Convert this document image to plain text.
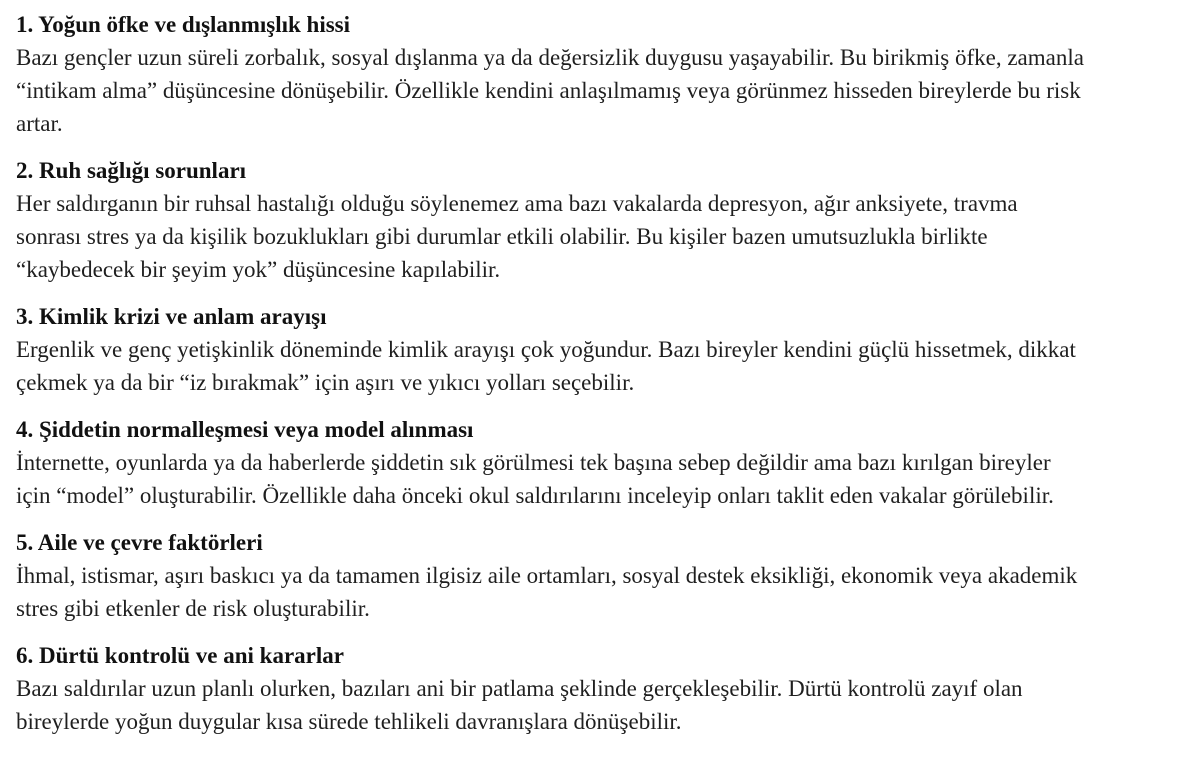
1. Yoğun öfke ve dışlanmışlık hissi

Bazı gençler uzun süreli zorbalık, sosyal dışlanma ya da değersizlik duygusu yaşayabilir. Bu birikmiş öfke, zamanla
“intikam alma” düşüncesine dönüşebilir. Özellikle kendini anlaşılmamış veya görünmez hisseden bireylerde bu risk
artar.

2. Ruh sağlığı sorunları

Her saldırganın bir ruhsal hastalığı olduğu söylenemez ama bazı vakalarda depresyon, ağır anksiyete, travma
sonrası stres ya da kişilik bozuklukları gibi durumlar etkili olabilir. Bu kişiler bazen umutsuzlukla birlikte
“kaybedecek bir şeyim yok” düşüncesine kapılabilir.

3. Kimlik krizi ve anlam arayışı

Ergenlik ve genç yetişkinlik döneminde kimlik arayışı çok yoğundur. Bazı bireyler kendini güçlü hissetmek, dikkat
çekmek ya da bir “iz bırakmak” için aşırı ve yıkıcı yolları seçebilir.

4. Şiddetin normalleşmesi veya model alınması

İnternette, oyunlarda ya da haberlerde şiddetin sık görülmesi tek başına sebep değildir ama bazı kırılgan bireyler
için “model” oluşturabilir. Özellikle daha önceki okul saldırılarını inceleyip onları taklit eden vakalar görülebilir.

5. Aile ve çevre faktörleri

İhmal, istismar, aşırı baskıcı ya da tamamen ilgisiz aile ortamları, sosyal destek eksikliği, ekonomik veya akademik
stres gibi etkenler de risk oluşturabilir.

6. Dürtü kontrolü ve ani kararlar

Bazı saldırılar uzun planlı olurken, bazıları ani bir patlama şeklinde gerçekleşebilir. Dürtü kontrolü zayıf olan
bireylerde yoğun duygular kısa sürede tehlikeli davranışlara dönüşebilir.
